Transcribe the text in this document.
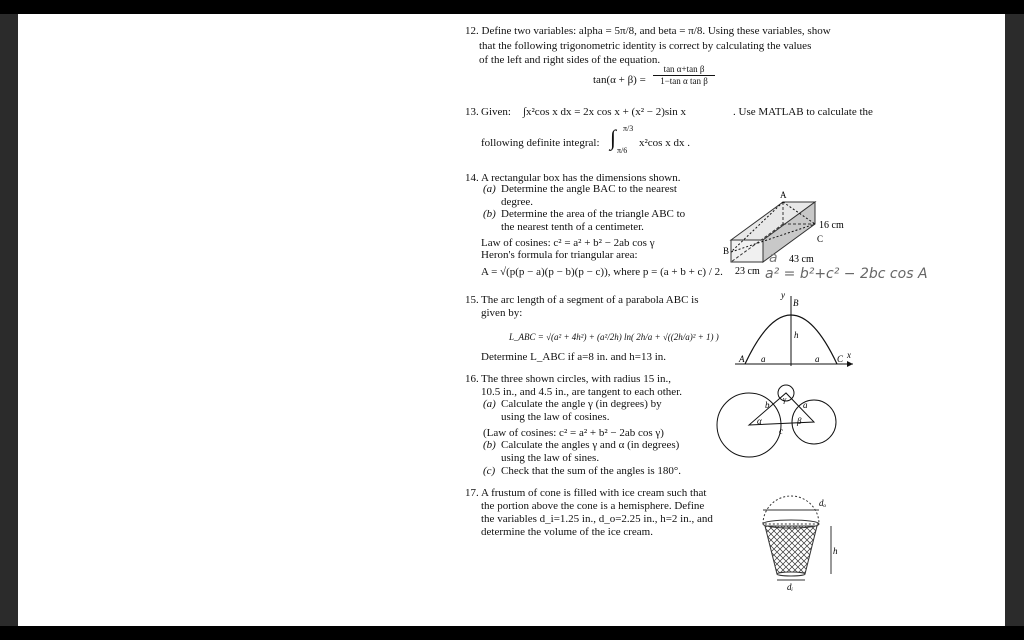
12. Define two variables: alpha = 5π/8, and beta = π/8. Using these variables, show
that the following trigonometric identity is correct by calculating the values
of the left and right sides of the equation.
tan(α + β) =
tan α+tan β
1−tan α tan β
13. Given: ∫x²cos x dx = 2x cos x + (x² − 2)sin x	. Use MATLAB to calculate the
following definite integral: ∫ π/3
π/6
x²cos x dx .
14. A rectangular box has the dimensions shown.
(a) Determine the angle BAC to the nearest
degree.
(b) Determine the area of the triangle ABC to
the nearest tenth of a centimeter.
Law of cosines: c² = a² + b² − 2ab cos γ
Heron's formula for triangular area:
A = √(p(p − a)(p − b)(p − c)), where p = (a + b + c) / 2.
A
B
C
16 cm
43 cm
23 cm
a
a² = b²+c² − 2bc cos A
15. The arc length of a segment of a parabola ABC is
given by:
L_ABC = √(a² + 4h²) + (a²/2h) ln( 2h/a + √((2h/a)² + 1) )
Determine L_ABC if a=8 in. and h=13 in.
y
B
h
A a	a C x
16. The three shown circles, with radius 15 in.,
10.5 in., and 4.5 in., are tangent to each other.
(a) Calculate the angle γ (in degrees) by
using the law of cosines.
(Law of cosines: c² = a² + b² − 2ab cos γ)
(b) Calculate the angles γ and α (in degrees)
using the law of sines.
(c) Check that the sum of the angles is 180°.
b	a
α	β
c
γ
17. A frustum of cone is filled with ice cream such that
the portion above the cone is a hemisphere. Define
the variables d_i=1.25 in., d_o=2.25 in., h=2 in., and
determine the volume of the ice cream.
dₒ
h
dᵢ
